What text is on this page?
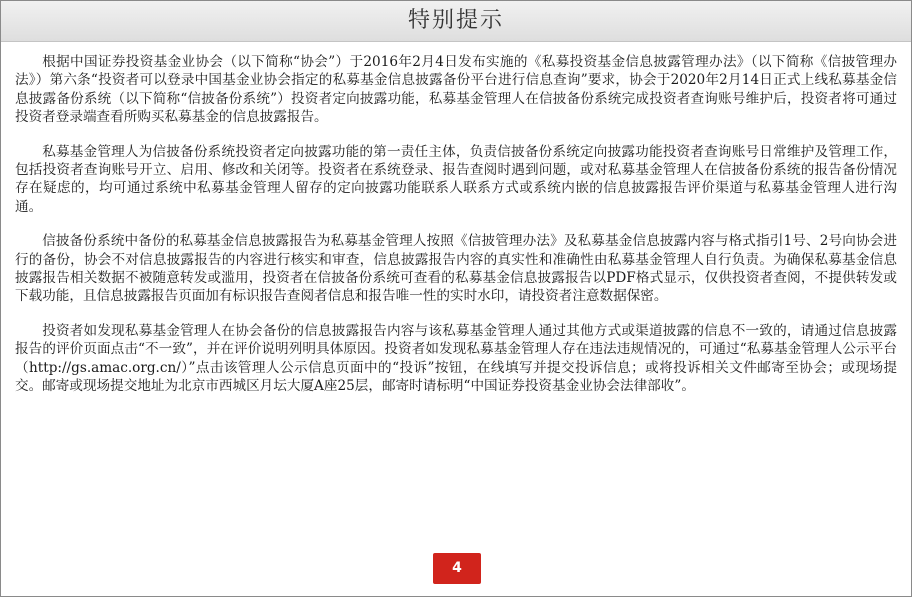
特别提示

根据中国证券投资基金业协会（以下简称“协会”）于2016年2月4日发布实施的《私募投资基金信息披露管理办法》（以下简称《信披管理办法》）第六条“投资者可以登录中国基金业协会指定的私募基金信息披露备份平台进行信息查询”要求，协会于2020年2月14日正式上线私募基金信息披露备份系统（以下简称“信披备份系统”）投资者定向披露功能，私募基金管理人在信披备份系统完成投资者查询账号维护后，投资者将可通过投资者登录端查看所购买私募基金的信息披露报告。

私募基金管理人为信披备份系统投资者定向披露功能的第一责任主体，负责信披备份系统定向披露功能投资者查询账号日常维护及管理工作，包括投资者查询账号开立、启用、修改和关闭等。投资者在系统登录、报告查阅时遇到问题，或对私募基金管理人在信披备份系统的报告备份情况存在疑虑的，均可通过系统中私募基金管理人留存的定向披露功能联系人联系方式或系统内嵌的信息披露报告评价渠道与私募基金管理人进行沟通。

信披备份系统中备份的私募基金信息披露报告为私募基金管理人按照《信披管理办法》及私募基金信息披露内容与格式指引1号、2号向协会进行的备份，协会不对信息披露报告的内容进行核实和审查，信息披露报告内容的真实性和准确性由私募基金管理人自行负责。为确保私募基金信息披露报告相关数据不被随意转发或滥用，投资者在信披备份系统可查看的私募基金信息披露报告以PDF格式显示，仅供投资者查阅，不提供转发或下载功能，且信息披露报告页面加有标识报告查阅者信息和报告唯一性的实时水印，请投资者注意数据保密。

投资者如发现私募基金管理人在协会备份的信息披露报告内容与该私募基金管理人通过其他方式或渠道披露的信息不一致的，请通过信息披露报告的评价页面点击“不一致”，并在评价说明列明具体原因。投资者如发现私募基金管理人存在违法违规情况的，可通过“私募基金管理人公示平台（http://gs.amac.org.cn/）”点击该管理人公示信息页面中的“投诉”按钮，在线填写并提交投诉信息；或将投诉相关文件邮寄至协会；或现场提交。邮寄或现场提交地址为北京市西城区月坛大厦A座25层，邮寄时请标明“中国证券投资基金业协会法律部收”。

4
